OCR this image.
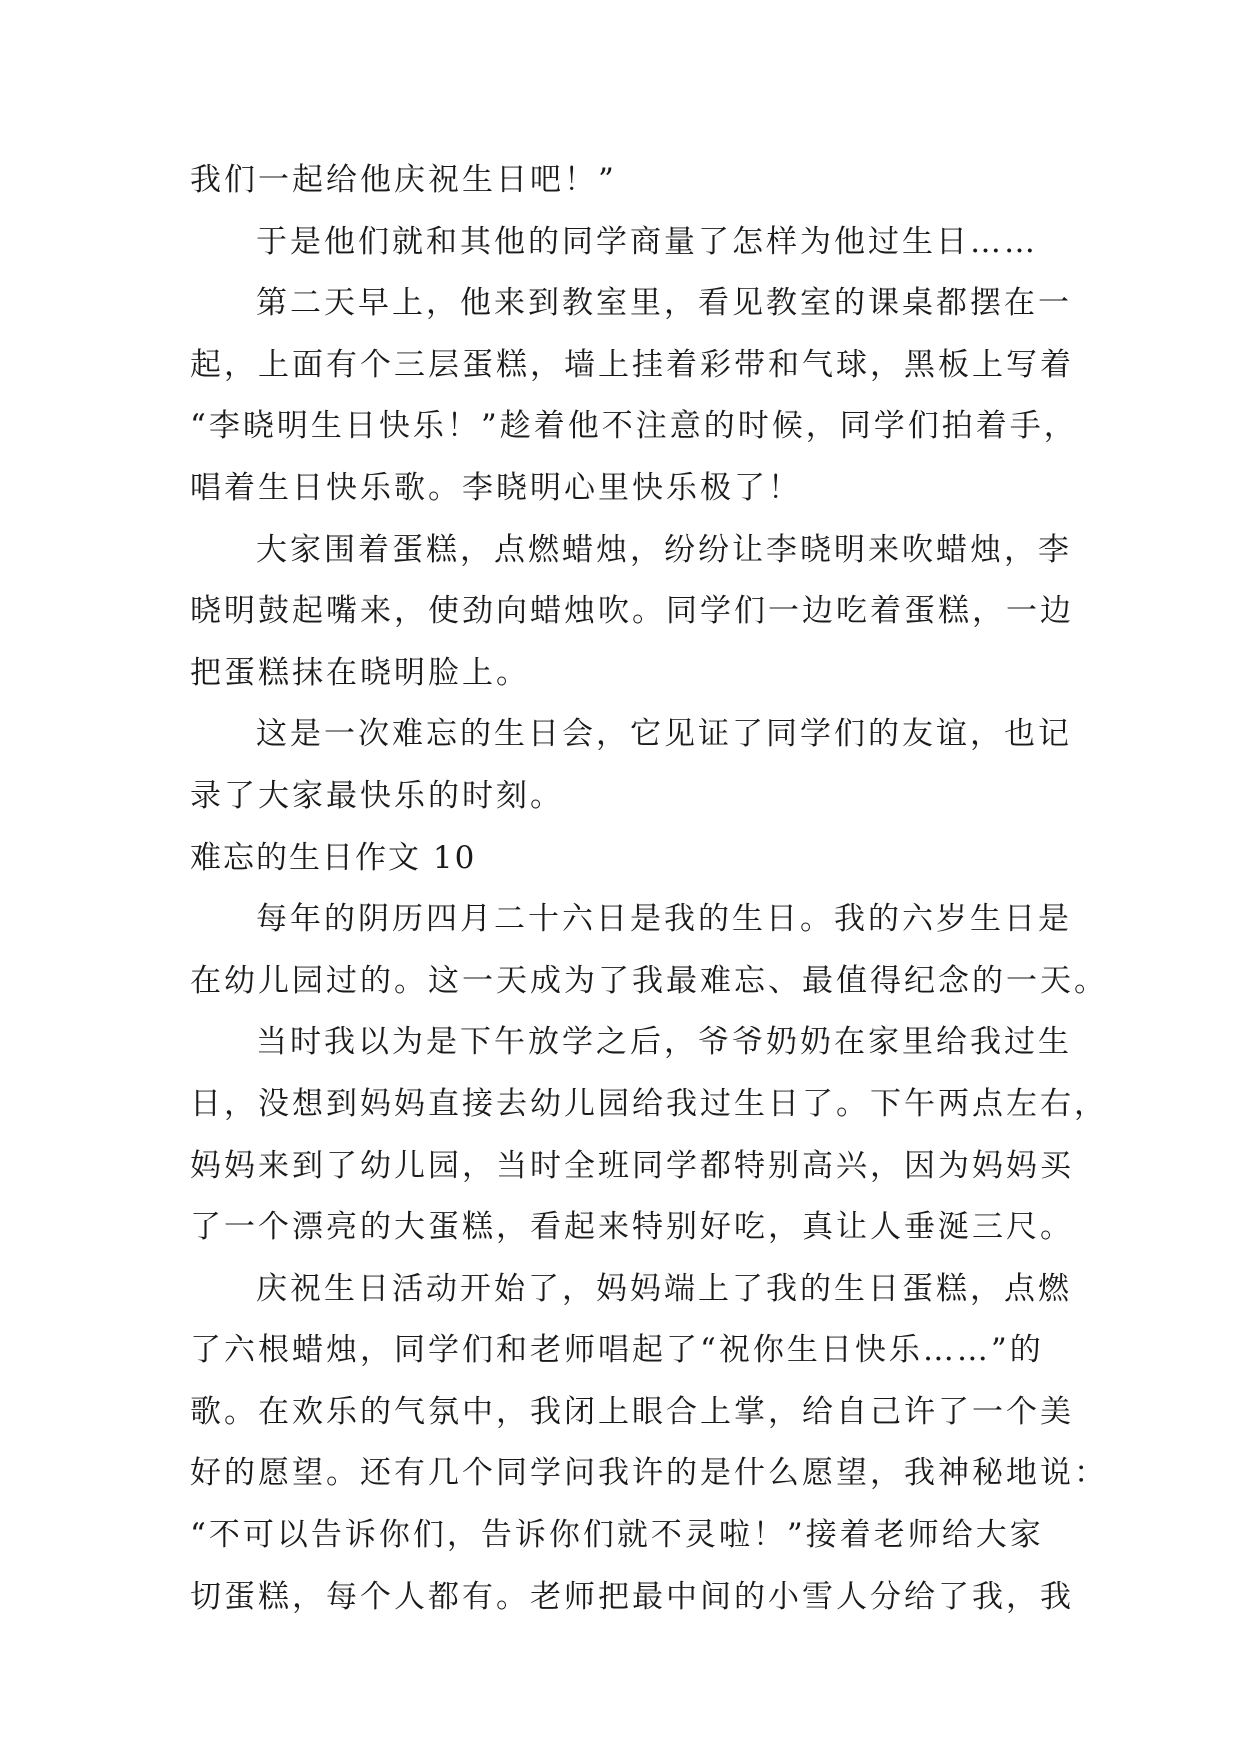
我们一起给他庆祝生日吧！”
于是他们就和其他的同学商量了怎样为他过生日……
第二天早上，他来到教室里，看见教室的课桌都摆在一
起，上面有个三层蛋糕，墙上挂着彩带和气球，黑板上写着
“李晓明生日快乐！”趁着他不注意的时候，同学们拍着手，
唱着生日快乐歌。李晓明心里快乐极了！
大家围着蛋糕，点燃蜡烛，纷纷让李晓明来吹蜡烛，李
晓明鼓起嘴来，使劲向蜡烛吹。同学们一边吃着蛋糕，一边
把蛋糕抹在晓明脸上。
这是一次难忘的生日会，它见证了同学们的友谊，也记
录了大家最快乐的时刻。
难忘的生日作文 10
每年的阴历四月二十六日是我的生日。我的六岁生日是
在幼儿园过的。这一天成为了我最难忘、最值得纪念的一天。
当时我以为是下午放学之后，爷爷奶奶在家里给我过生
日，没想到妈妈直接去幼儿园给我过生日了。下午两点左右，
妈妈来到了幼儿园，当时全班同学都特别高兴，因为妈妈买
了一个漂亮的大蛋糕，看起来特别好吃，真让人垂涎三尺。
庆祝生日活动开始了，妈妈端上了我的生日蛋糕，点燃
了六根蜡烛，同学们和老师唱起了“祝你生日快乐……”的
歌。在欢乐的气氛中，我闭上眼合上掌，给自己许了一个美
好的愿望。还有几个同学问我许的是什么愿望，我神秘地说：
“不可以告诉你们，告诉你们就不灵啦！”接着老师给大家
切蛋糕，每个人都有。老师把最中间的小雪人分给了我，我
